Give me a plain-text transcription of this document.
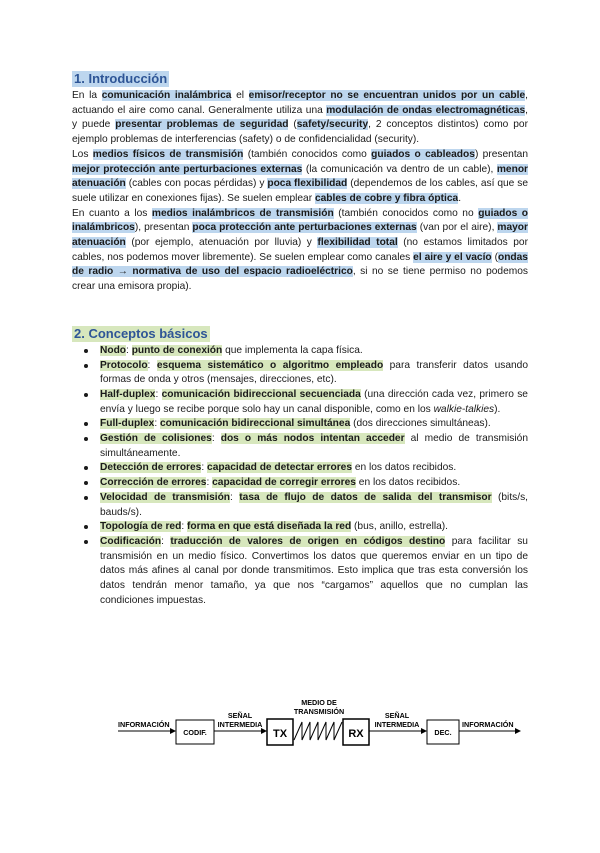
1. Introducción

En la comunicación inalámbrica el emisor/receptor no se encuentran unidos por un cable, actuando el aire como canal. Generalmente utiliza una modulación de ondas electromagnéticas, y puede presentar problemas de seguridad (safety/security, 2 conceptos distintos) como por ejemplo problemas de interferencias (safety) o de confidencialidad (security).

Los medios físicos de transmisión (también conocidos como guiados o cableados) presentan mejor protección ante perturbaciones externas (la comunicación va dentro de un cable), menor atenuación (cables con pocas pérdidas) y poca flexibilidad (dependemos de los cables, así que se suele utilizar en conexiones fijas). Se suelen emplear cables de cobre y fibra óptica.

En cuanto a los medios inalámbricos de transmisión (también conocidos como no guiados o inalámbricos), presentan poca protección ante perturbaciones externas (van por el aire), mayor atenuación (por ejemplo, atenuación por lluvia) y flexibilidad total (no estamos limitados por cables, nos podemos mover libremente). Se suelen emplear como canales el aire y el vacío (ondas de radio → normativa de uso del espacio radioeléctrico, si no se tiene permiso no podemos crear una emisora propia).

2. Conceptos básicos
Nodo: punto de conexión que implementa la capa física.
Protocolo: esquema sistemático o algoritmo empleado para transferir datos usando formas de onda y otros (mensajes, direcciones, etc).
Half-duplex: comunicación bidireccional secuenciada (una dirección cada vez, primero se envía y luego se recibe porque solo hay un canal disponible, como en los walkie-talkies).
Full-duplex: comunicación bidireccional simultánea (dos direcciones simultáneas).
Gestión de colisiones: dos o más nodos intentan acceder al medio de transmisión simultáneamente.
Detección de errores: capacidad de detectar errores en los datos recibidos.
Corrección de errores: capacidad de corregir errores en los datos recibidos.
Velocidad de transmisión: tasa de flujo de datos de salida del transmisor (bits/s, bauds/s).
Topología de red: forma en que está diseñada la red (bus, anillo, estrella).
Codificación: traducción de valores de origen en códigos destino para facilitar su transmisión en un medio físico. Convertimos los datos que queremos enviar en un tipo de datos más afines al canal por donde transmitimos. Esto implica que tras esta conversión los datos tendrán menor tamaño, ya que nos “cargamos” aquellos que no cumplan las condiciones impuestas.
INFORMACIÓN
CODIF.
SEÑAL
INTERMEDIA
TX
MEDIO DE
TRANSMISIÓN
RX
SEÑAL
INTERMEDIA
DEC.
INFORMACIÓN
